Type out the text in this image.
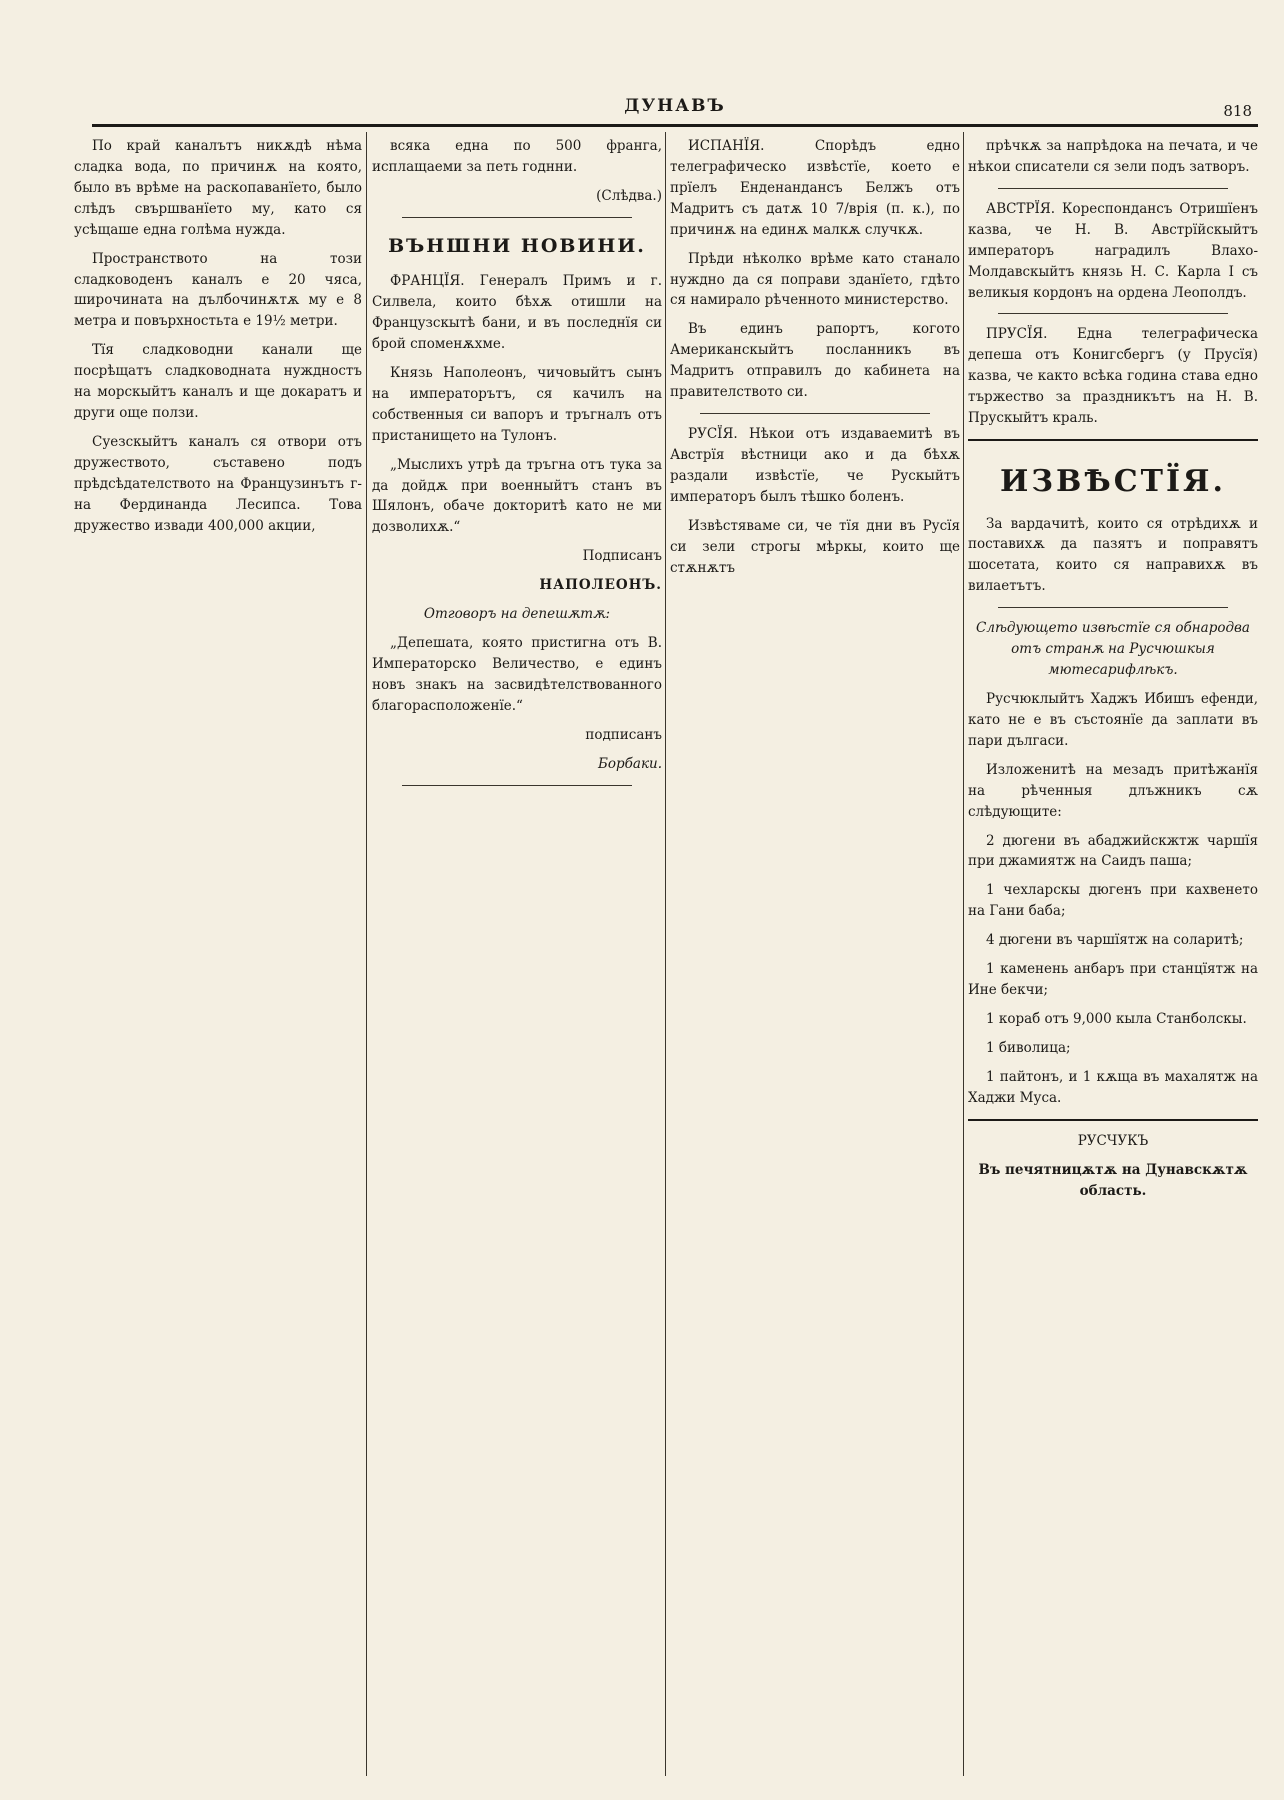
ДУНАВЪ	818

По край каналътъ никѫдѣ нѣма сладка вода, по причинѫ на която, было въ врѣме на раскопаванїето, было слѣдъ свършванїето му, като ся усѣщаше една голѣма нужда.

Пространството на този сладководенъ каналъ е 20 чяса, широчината на дълбочинѫтѫ му е 8 метра и повърхностьта е 19½ метри.

Тїя сладководни канали ще посрѣщатъ сладководната нуждностъ на морскыйтъ каналъ и ще докаратъ и други още ползи.

Суезскыйтъ каналъ ся отвори отъ дружеството, съставено подъ прѣдсѣдателството на Французинътъ г-на Фердинанда Лесипса. Това дружество извади 400,000 акции,

всяка една по 500 франга, исплащаеми за петь годнни.

(Слѣдва.)

ВЪНШНИ НОВИНИ.

ФРАНЦЇЯ. Генералъ Примъ и г. Силвела, които бѣхѫ отишли на Французскытѣ бани, и въ последнїя си брой споменѫхме.

Князь Наполеонъ, чичовыйтъ сынъ на императорътъ, ся качилъ на собственныя си вапоръ и тръгналъ отъ пристанището на Тулонъ.

„Мыслихъ утрѣ да тръгна отъ тука за да дойдѫ при военныйтъ станъ въ Шялонъ, обаче докторитѣ като не ми дозволихѫ.“

Подписанъ

НАПОЛЕОНЪ.

Отговоръ на депешѫтѫ:

„Депешата, която пристигна отъ В. Императорско Величество, е единъ новъ знакъ на засвидѣтелствованного благорасположенїе.“

подписанъ

Борбаки.

ИСПАНЇЯ. Спорѣдъ едно телеграфическо извѣстїе, което е прїелъ Енденандансъ Белжъ отъ Мадритъ съ датѫ 10 7/врія (п. к.), по причинѫ на единѫ малкѫ случкѫ.

Прѣди нѣколко врѣме като станало нуждно да ся поправи зданїето, гдѣто ся намирало рѣченното министерство.

Въ единъ рапортъ, когото Американскыйтъ посланникъ въ Мадритъ отправилъ до кабинета на правителството си.

РУСЇЯ. Нѣкои отъ издаваемитѣ въ Австрїя вѣстници ако и да бѣхѫ раздали извѣстїе, че Рускыйтъ императоръ былъ тѣшко боленъ.

Извѣстяваме си, че тїя дни въ Русїя си зели строгы мѣркы, които ще стѫнѫтъ

прѣчкѫ за напрѣдока на печата, и че нѣкои списатели ся зели подъ затворъ.

АВСТРЇЯ. Кореспондансъ Отришїенъ казва, че Н. В. Австрїйскыйтъ императоръ наградилъ Влахо-Молдавскыйтъ князь Н. С. Карла I съ великыя кордонъ на ордена Леополдъ.

ПРУСЇЯ. Една телеграфическа депеша отъ Конигсбергъ (у Прусїя) казва, че както всѣка година става едно тържество за праздникътъ на Н. В. Прускыйтъ краль.

ИЗВѢСТЇЯ.

За вардачитѣ, които ся отрѣдихѫ и поставихѫ да пазятъ и поправятъ шосетата, които ся направихѫ въ вилаетътъ.

Слѣдующето извѣстїе ся обнародва отъ странѫ на Русчюшкыя мютесарифлѣкъ.

Русчюклыйтъ Хаджъ Ибишъ ефенди, като не е въ състоянїе да заплати въ пари дългаси.

Изложенитѣ на мезадъ притѣжанїя на рѣченныя длъжникъ сѫ слѣдующите:

2 дюгени въ абаджийскжтж чаршїя при джамиятж на Саидъ паша;

1 чехларскы дюгенъ при кахвенето на Гани баба;

4 дюгени въ чаршїятж на соларитѣ;

1 каменень анбаръ при станцїятж на Ине бекчи;

1 кораб отъ 9,000 кыла Станболскы.

1 биволица;

1 пайтонъ, и 1 кѫща въ махалятж на Хаджи Муса.

РУСЧУКЪ

Въ печятницѫтѫ на Дунавскѫтѫ область.
